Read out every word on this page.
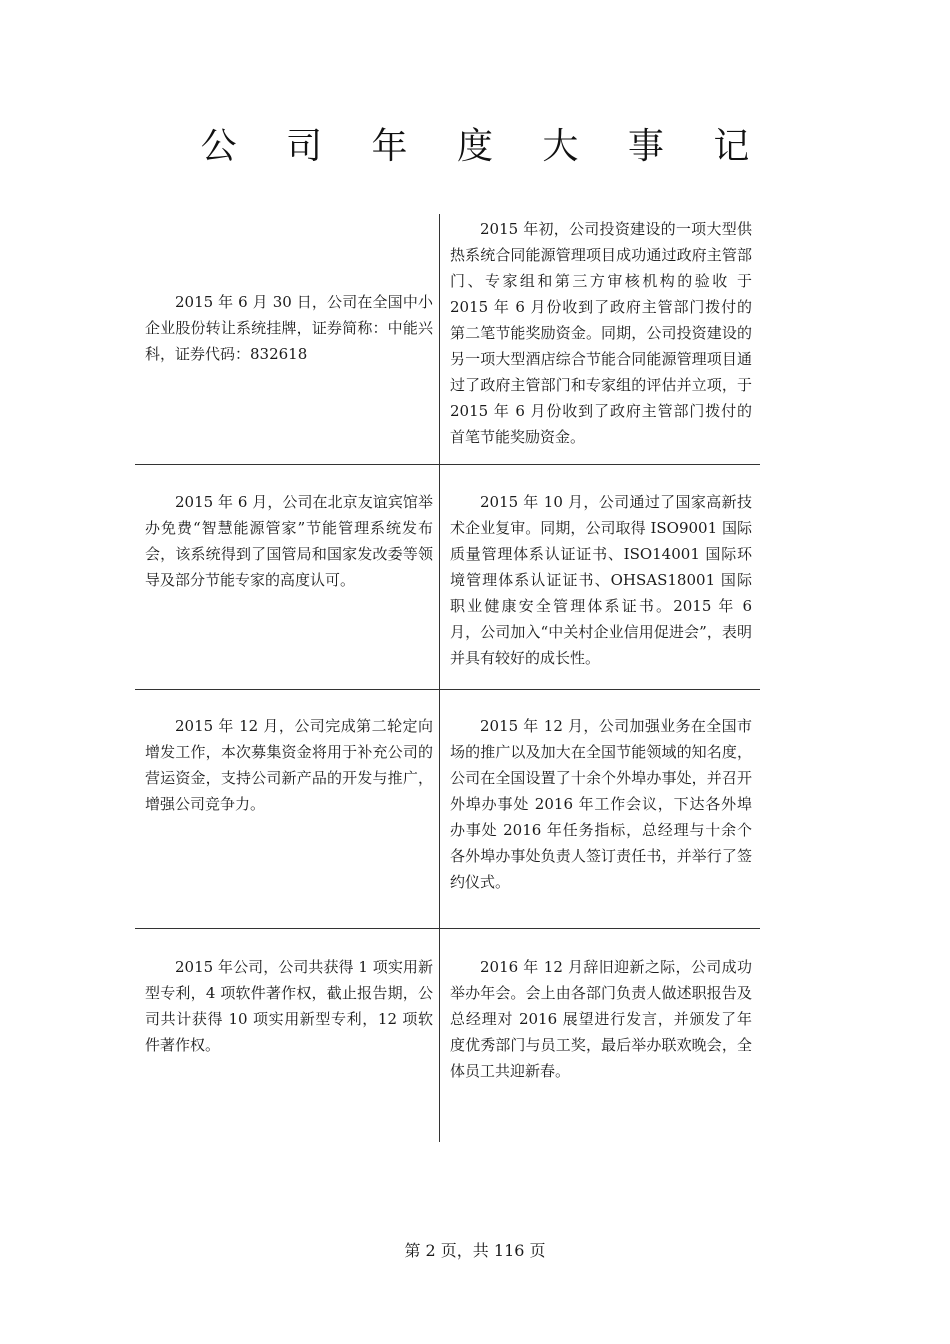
公 司 年 度 大 事 记

2015 年 6 月 30 日，公司在全国中小企业股份转让系统挂牌，证券简称：中能兴科，证券代码：832618

2015 年初，公司投资建设的一项大型供热系统合同能源管理项目成功通过政府主管部门、专家组和第三方审核机构的验收 于 2015 年 6 月份收到了政府主管部门拨付的第二笔节能奖励资金。同期，公司投资建设的另一项大型酒店综合节能合同能源管理项目通过了政府主管部门和专家组的评估并立项，于 2015 年 6 月份收到了政府主管部门拨付的首笔节能奖励资金。

2015 年 6 月，公司在北京友谊宾馆举办免费“智慧能源管家”节能管理系统发布会，该系统得到了国管局和国家发改委等领导及部分节能专家的高度认可。

2015 年 10 月，公司通过了国家高新技术企业复审。同期，公司取得 ISO9001 国际质量管理体系认证证书、ISO14001 国际环境管理体系认证证书、OHSAS18001 国际职业健康安全管理体系证书。2015 年 6 月，公司加入“中关村企业信用促进会”，表明并具有较好的成长性。

2015 年 12 月，公司完成第二轮定向增发工作，本次募集资金将用于补充公司的营运资金，支持公司新产品的开发与推广，增强公司竞争力。

2015 年 12 月，公司加强业务在全国市场的推广以及加大在全国节能领域的知名度，公司在全国设置了十余个外埠办事处，并召开外埠办事处 2016 年工作会议，下达各外埠办事处 2016 年任务指标，总经理与十余个各外埠办事处负责人签订责任书，并举行了签约仪式。

2015 年公司，公司共获得 1 项实用新型专利，4 项软件著作权，截止报告期，公司共计获得 10 项实用新型专利，12 项软件著作权。

2016 年 12 月辞旧迎新之际，公司成功举办年会。会上由各部门负责人做述职报告及总经理对 2016 展望进行发言，并颁发了年度优秀部门与员工奖，最后举办联欢晚会，全体员工共迎新春。

第 2 页，共 116 页
